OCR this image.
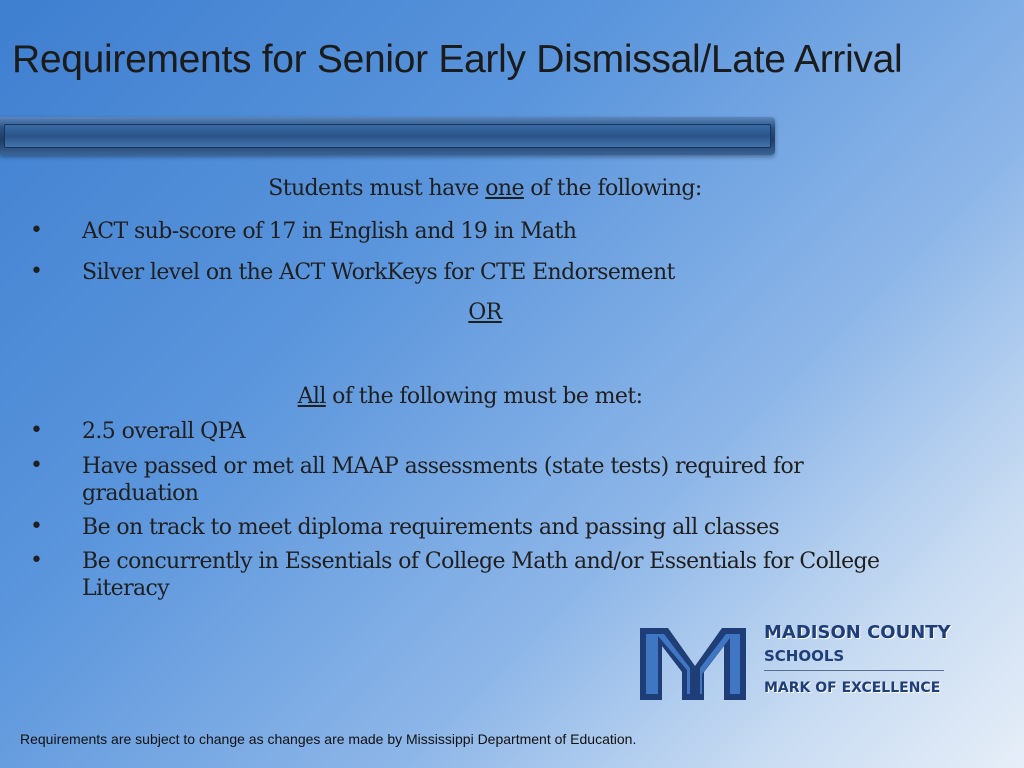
Requirements for Senior Early Dismissal/Late Arrival
Students must have one of the following:
• ACT sub-score of 17 in English and 19 in Math
• Silver level on the ACT WorkKeys for CTE Endorsement
OR
All of the following must be met:
• 2.5 overall QPA
• Have passed or met all MAAP assessments (state tests) required for graduation
• Be on track to meet diploma requirements and passing all classes
• Be concurrently in Essentials of College Math and/or Essentials for College Literacy
MADISON COUNTY
SCHOOLS
MARK OF EXCELLENCE
Requirements are subject to change as changes are made by Mississippi Department of Education.
